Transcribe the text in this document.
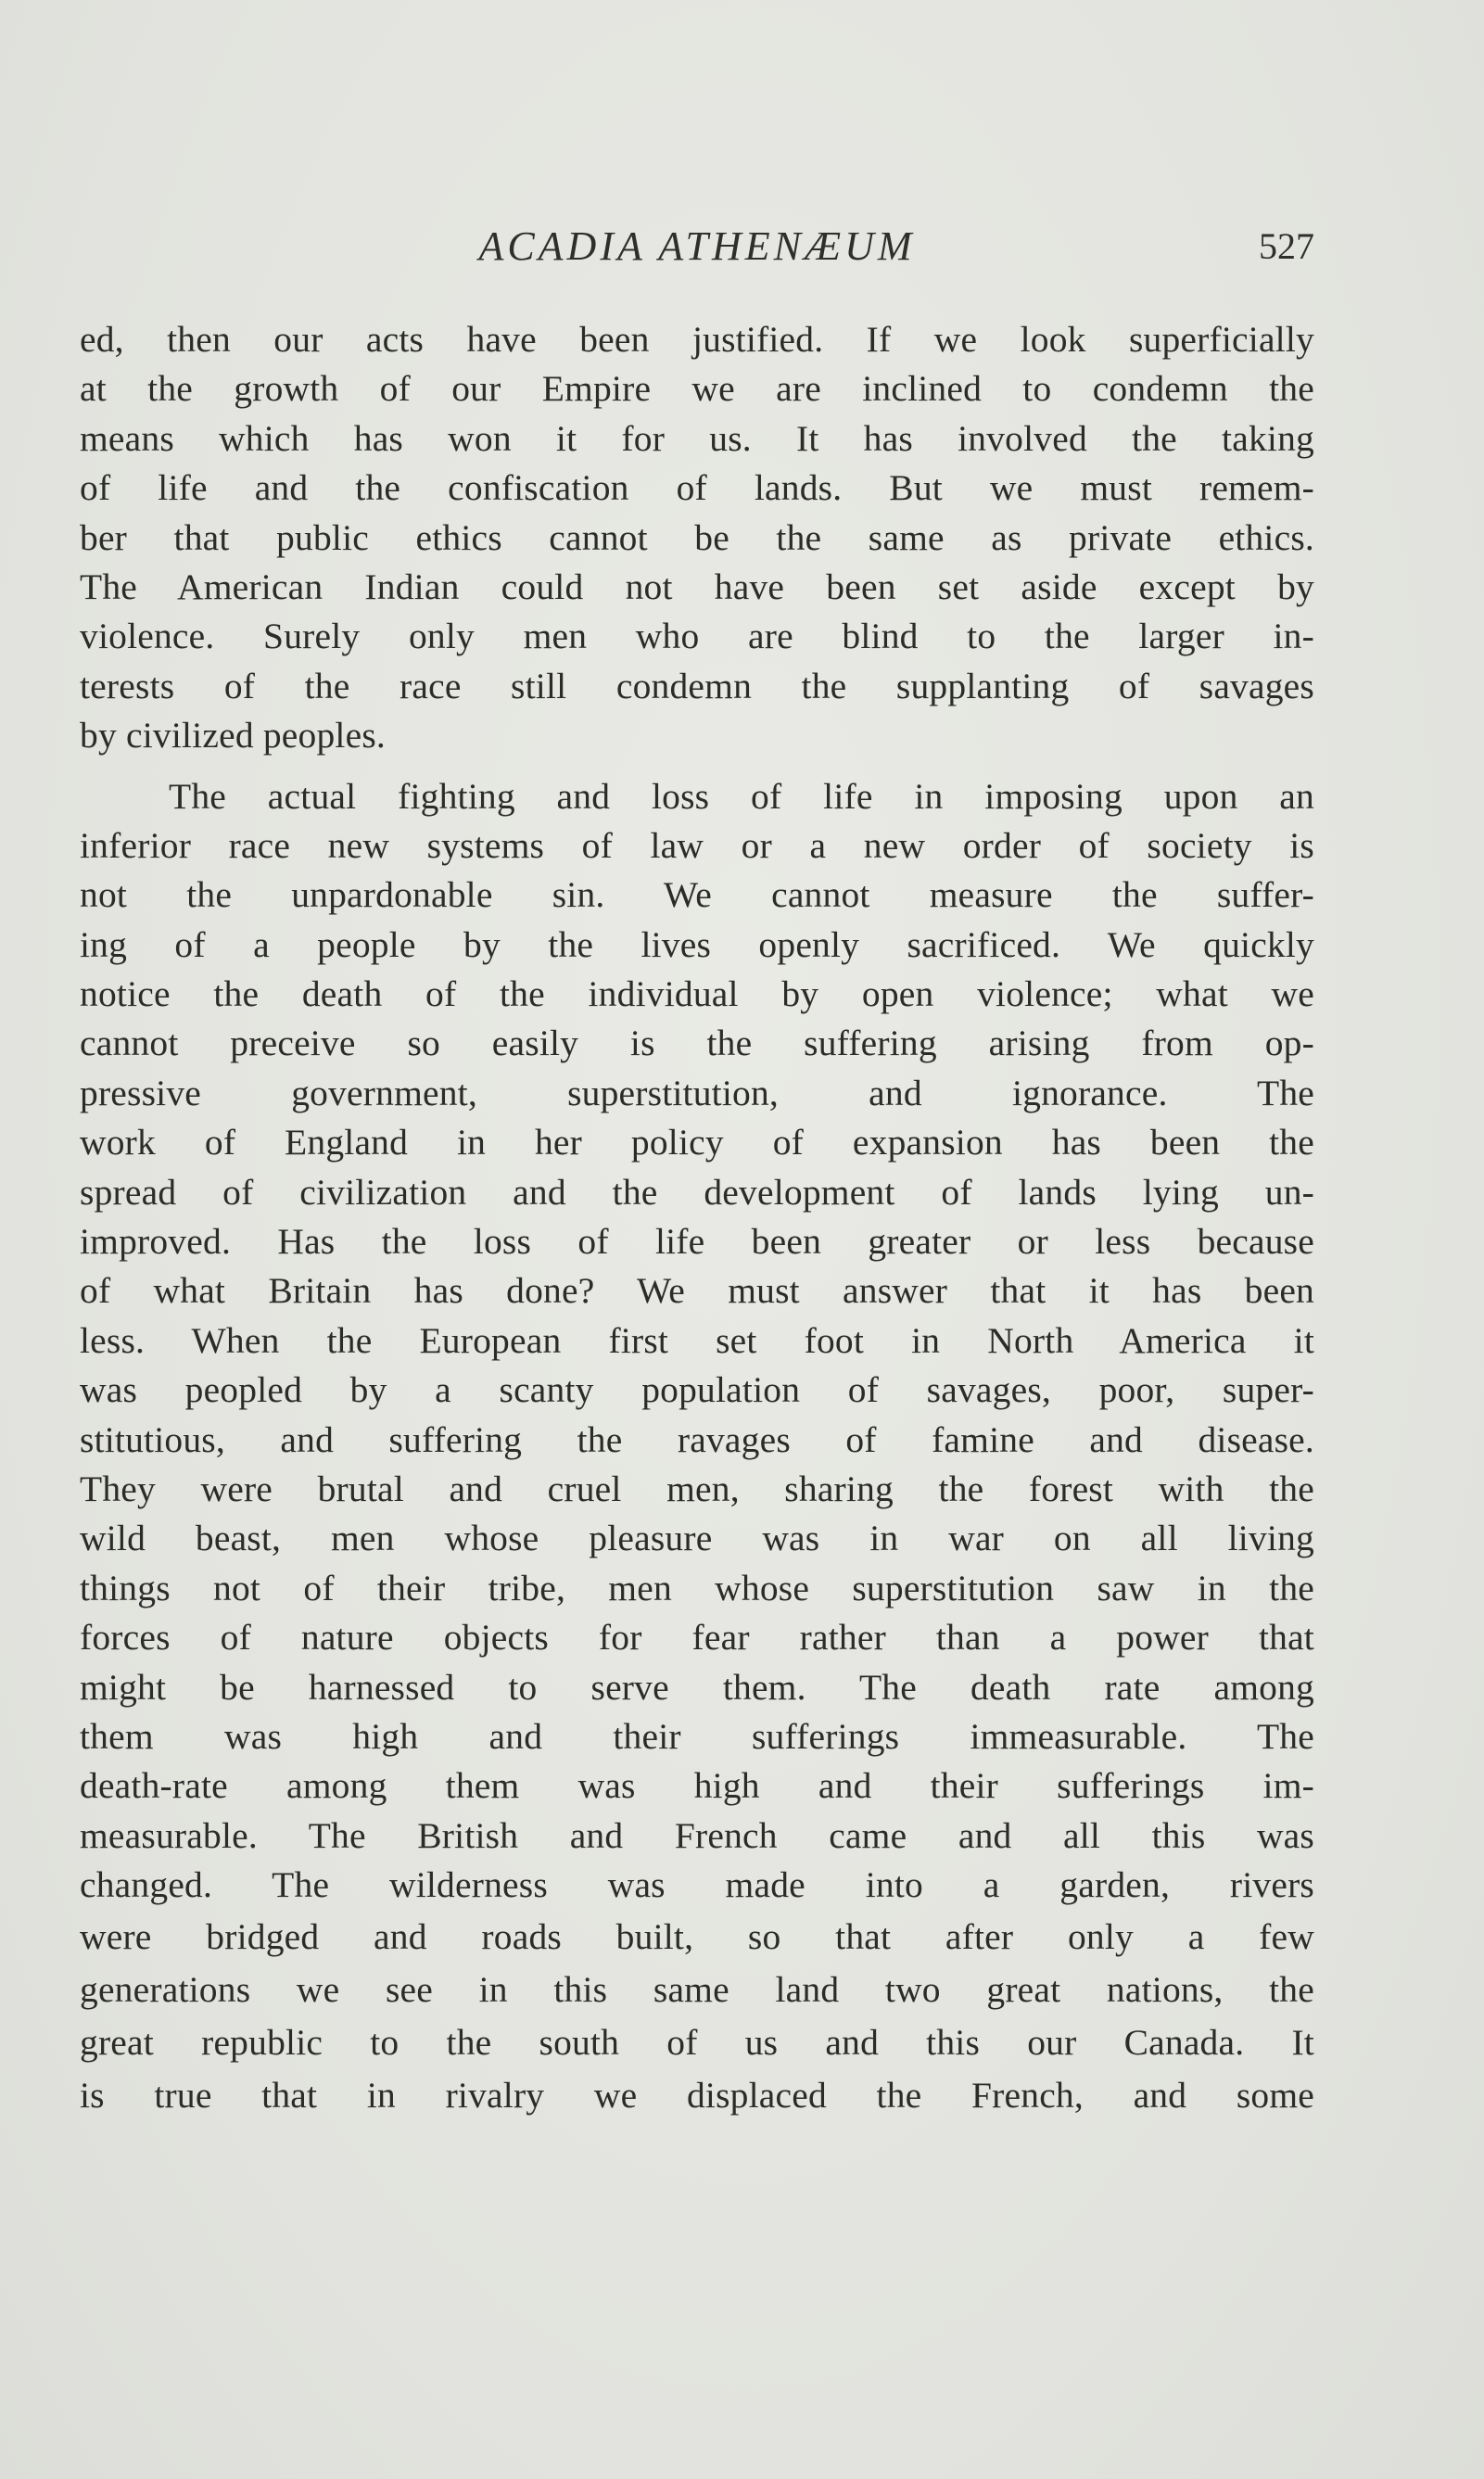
ACADIA ATHENÆUM	527
ed, then our acts have been justified. If we look superficially
at the growth of our Empire we are inclined to condemn the
means which has won it for us. It has involved the taking
of life and the confiscation of lands. But we must remem-
ber that public ethics cannot be the same as private ethics.
The American Indian could not have been set aside except by
violence. Surely only men who are blind to the larger in-
terests of the race still condemn the supplanting of savages
by civilized peoples.
The actual fighting and loss of life in imposing upon an
inferior race new systems of law or a new order of society is
not the unpardonable sin. We cannot measure the suffer-
ing of a people by the lives openly sacrificed. We quickly
notice the death of the individual by open violence; what we
cannot preceive so easily is the suffering arising from op-
pressive government, superstitution, and ignorance. The
work of England in her policy of expansion has been the
spread of civilization and the development of lands lying un-
improved. Has the loss of life been greater or less because
of what Britain has done? We must answer that it has been
less. When the European first set foot in North America it
was peopled by a scanty population of savages, poor, super-
stitutious, and suffering the ravages of famine and disease.
They were brutal and cruel men, sharing the forest with the
wild beast, men whose pleasure was in war on all living
things not of their tribe, men whose superstitution saw in the
forces of nature objects for fear rather than a power that
might be harnessed to serve them. The death rate among
them was high and their sufferings immeasurable. The
death-rate among them was high and their sufferings im-
measurable. The British and French came and all this was
changed. The wilderness was made into a garden, rivers
were bridged and roads built, so that after only a few
generations we see in this same land two great nations, the
great republic to the south of us and this our Canada. It
is true that in rivalry we displaced the French, and some
